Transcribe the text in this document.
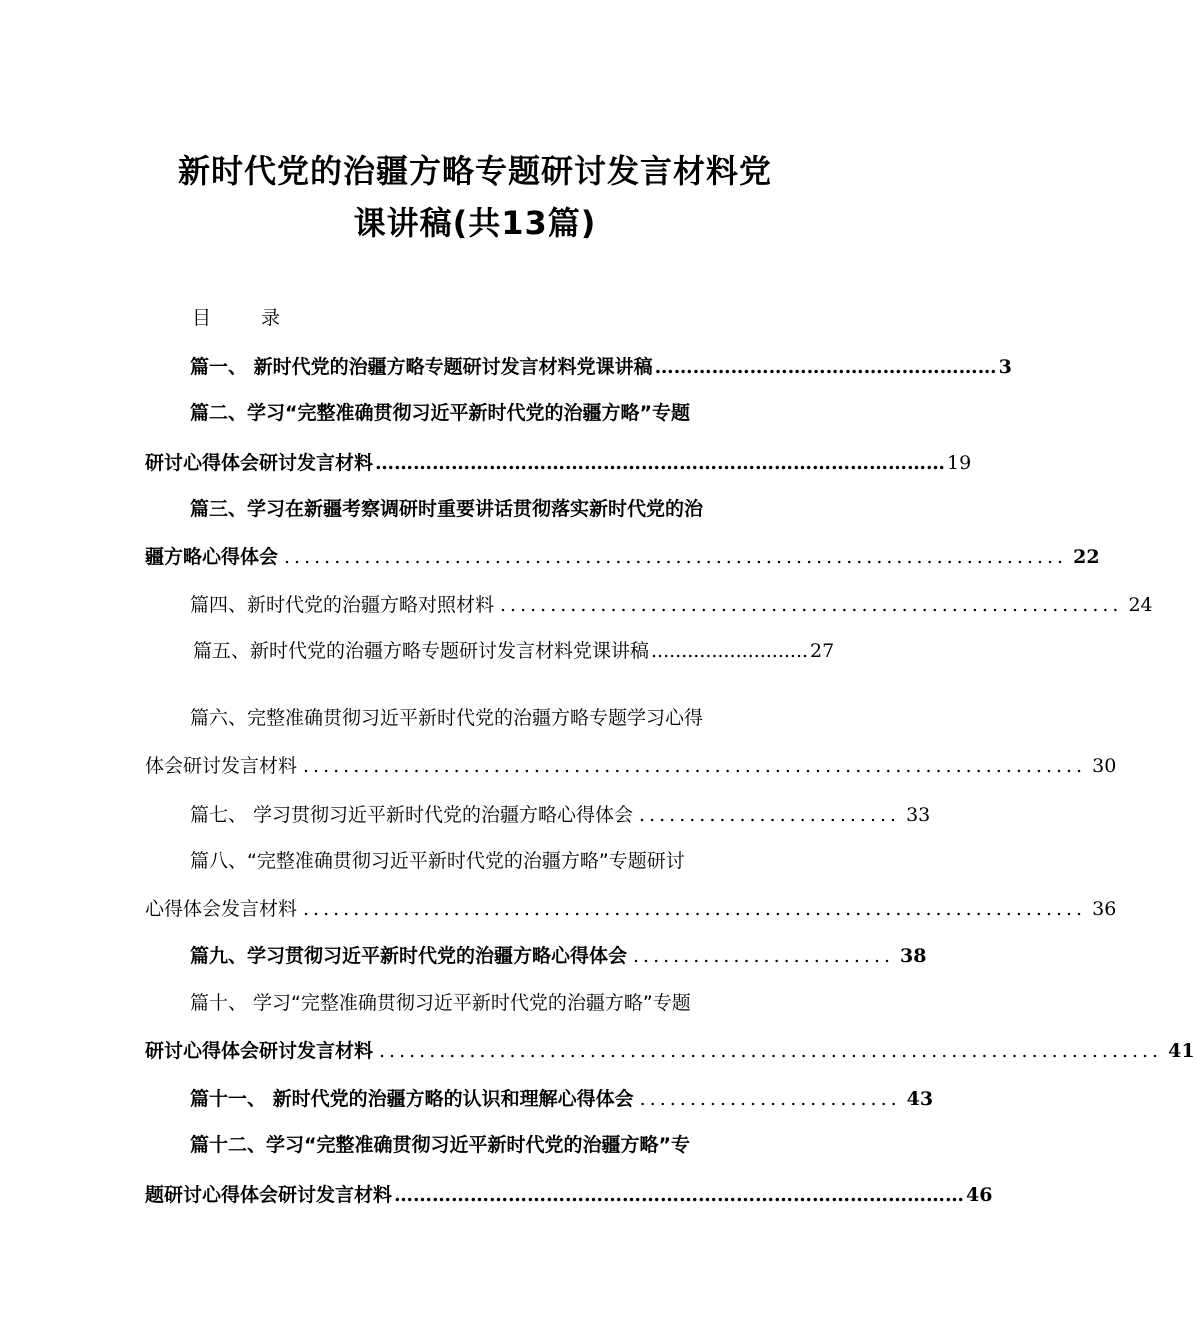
新时代党的治疆方略专题研讨发言材料党
课讲稿(共13篇)
目 录
篇一、 新时代党的治疆方略专题研讨发言材料党课讲稿 ……………………………………………… 3
篇二、学习“完整准确贯彻习近平新时代党的治疆方略”专题
研讨心得体会研讨发言材料 ……………………………………………………………………………… 19
篇三、学习在新疆考察调研时重要讲话贯彻落实新时代党的治
疆方略心得体会 .............................................................................. 22
篇四、新时代党的治疆方略对照材料 .............................................................. 24
篇五、新时代党的治疆方略专题研讨发言材料党课讲稿 .......................... 27
篇六、完整准确贯彻习近平新时代党的治疆方略专题学习心得
体会研讨发言材料 .............................................................................. 30
篇七、 学习贯彻习近平新时代党的治疆方略心得体会 .......................... 33
篇八、“完整准确贯彻习近平新时代党的治疆方略”专题研讨
心得体会发言材料 .............................................................................. 36
篇九、学习贯彻习近平新时代党的治疆方略心得体会 .......................... 38
篇十、 学习“完整准确贯彻习近平新时代党的治疆方略”专题
研讨心得体会研讨发言材料 .............................................................................. 41
篇十一、 新时代党的治疆方略的认识和理解心得体会 .......................... 43
篇十二、学习“完整准确贯彻习近平新时代党的治疆方略”专
题研讨心得体会研讨发言材料 ……………………………………………………………………………… 46
